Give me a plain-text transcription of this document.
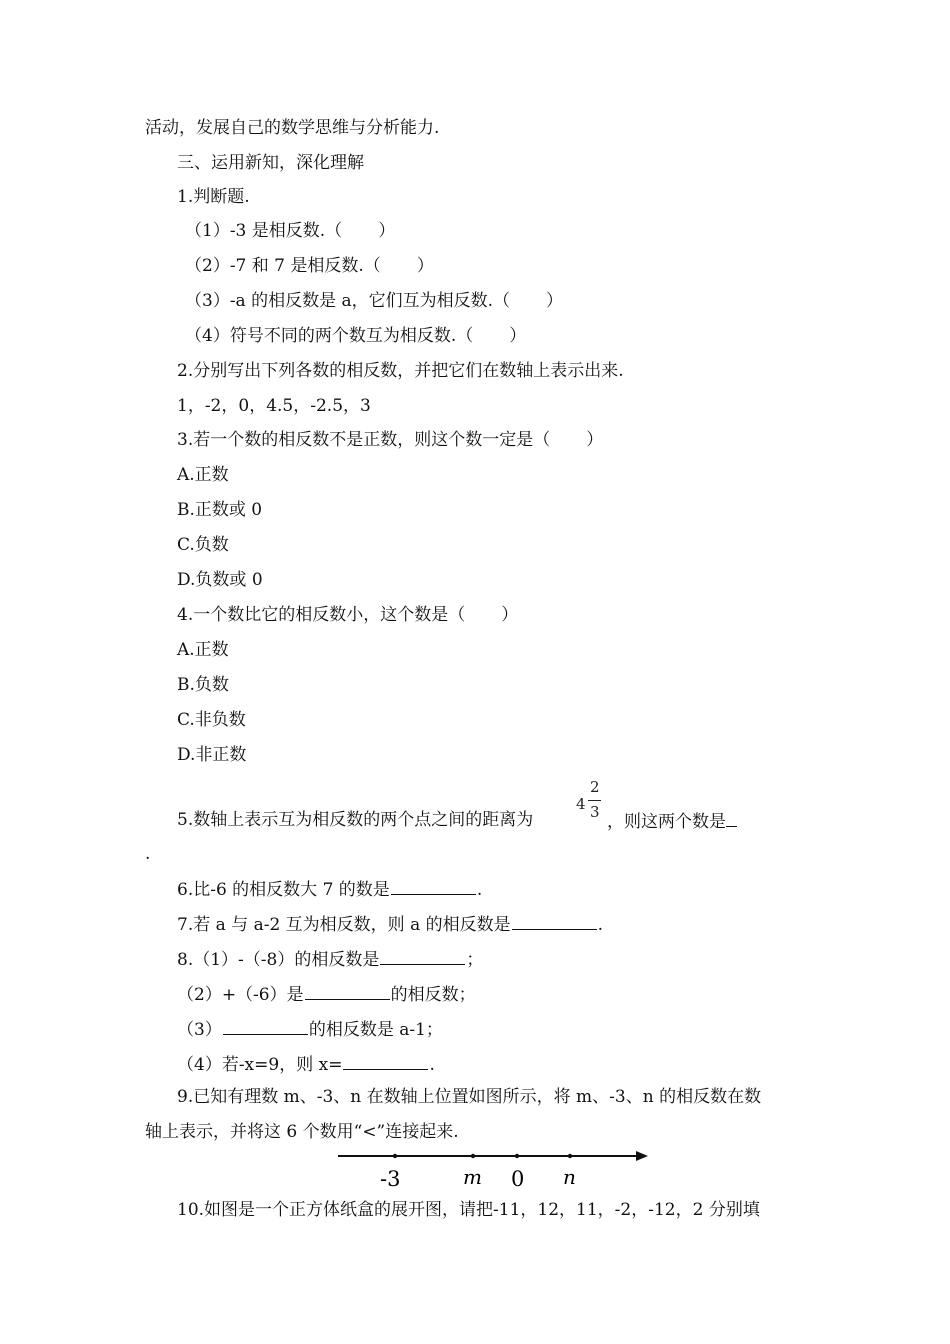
活动，发展自己的数学思维与分析能力.
三、运用新知，深化理解
1.判断题.
（1）-3 是相反数.（ ）
（2）-7 和 7 是相反数.（ ）
（3）-a 的相反数是 a，它们互为相反数.（ ）
（4）符号不同的两个数互为相反数.（ ）
2.分别写出下列各数的相反数，并把它们在数轴上表示出来.
1，-2，0，4.5，-2.5，3
3.若一个数的相反数不是正数，则这个数一定是（ ）
A.正数
B.正数或 0
C.负数
D.负数或 0
4.一个数比它的相反数小，这个数是（ ）
A.正数
B.负数
C.非负数
D.非正数
5.数轴上表示互为相反数的两个点之间的距离为
4
2
3 ，则这两个数是
.
6.比-6 的相反数大 7 的数是	.
7.若 a 与 a-2 互为相反数，则 a 的相反数是	.
8.（1）-（-8）的相反数是	；
（2）+（-6）是	的相反数；
（3）	的相反数是 a-1；
（4）若-x=9，则 x=	.
9.已知有理数 m、-3、n 在数轴上位置如图所示，将 m、-3、n 的相反数在数
轴上表示，并将这 6 个数用“<”连接起来.
-3	m 0 n
10.如图是一个正方体纸盒的展开图，请把-11，12，11，-2，-12，2 分别填
